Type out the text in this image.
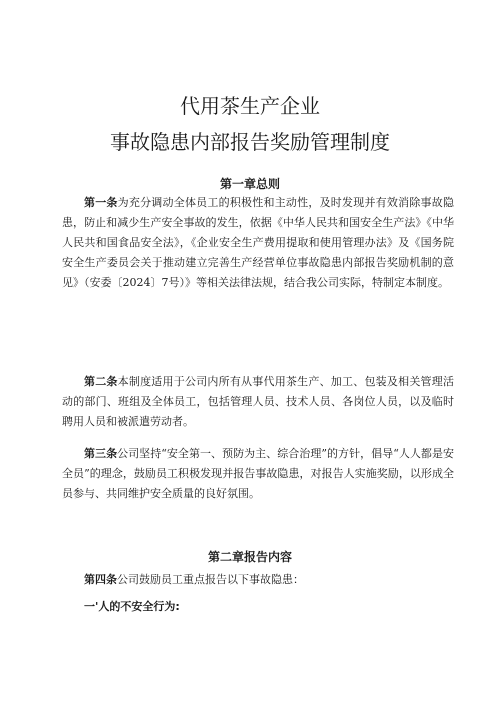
代用茶生产企业
事故隐患内部报告奖励管理制度
第一章总则

第一条为充分调动全体员工的积极性和主动性，及时发现并有效消除事故隐患，防止和减少生产安全事故的发生，依据《中华人民共和国安全生产法》《中华人民共和国食品安全法》，《企业安全生产费用提取和使用管理办法》及《国务院安全生产委员会关于推动建立完善生产经营单位事故隐患内部报告奖励机制的意见》（安委〔2024〕7号）》等相关法律法规，结合我公司实际，特制定本制度。

第二条本制度适用于公司内所有从事代用茶生产、加工、包装及相关管理活动的部门、班组及全体员工，包括管理人员、技术人员、各岗位人员，以及临时聘用人员和被派遣劳动者。

第三条公司坚持“安全第一、预防为主、综合治理”的方针，倡导“人人都是安全员”的理念，鼓励员工积极发现并报告事故隐患，对报告人实施奖励，以形成全员参与、共同维护安全质量的良好氛围。

第二章报告内容

第四条公司鼓励员工重点报告以下事故隐患：

一'人的不安全行为:
